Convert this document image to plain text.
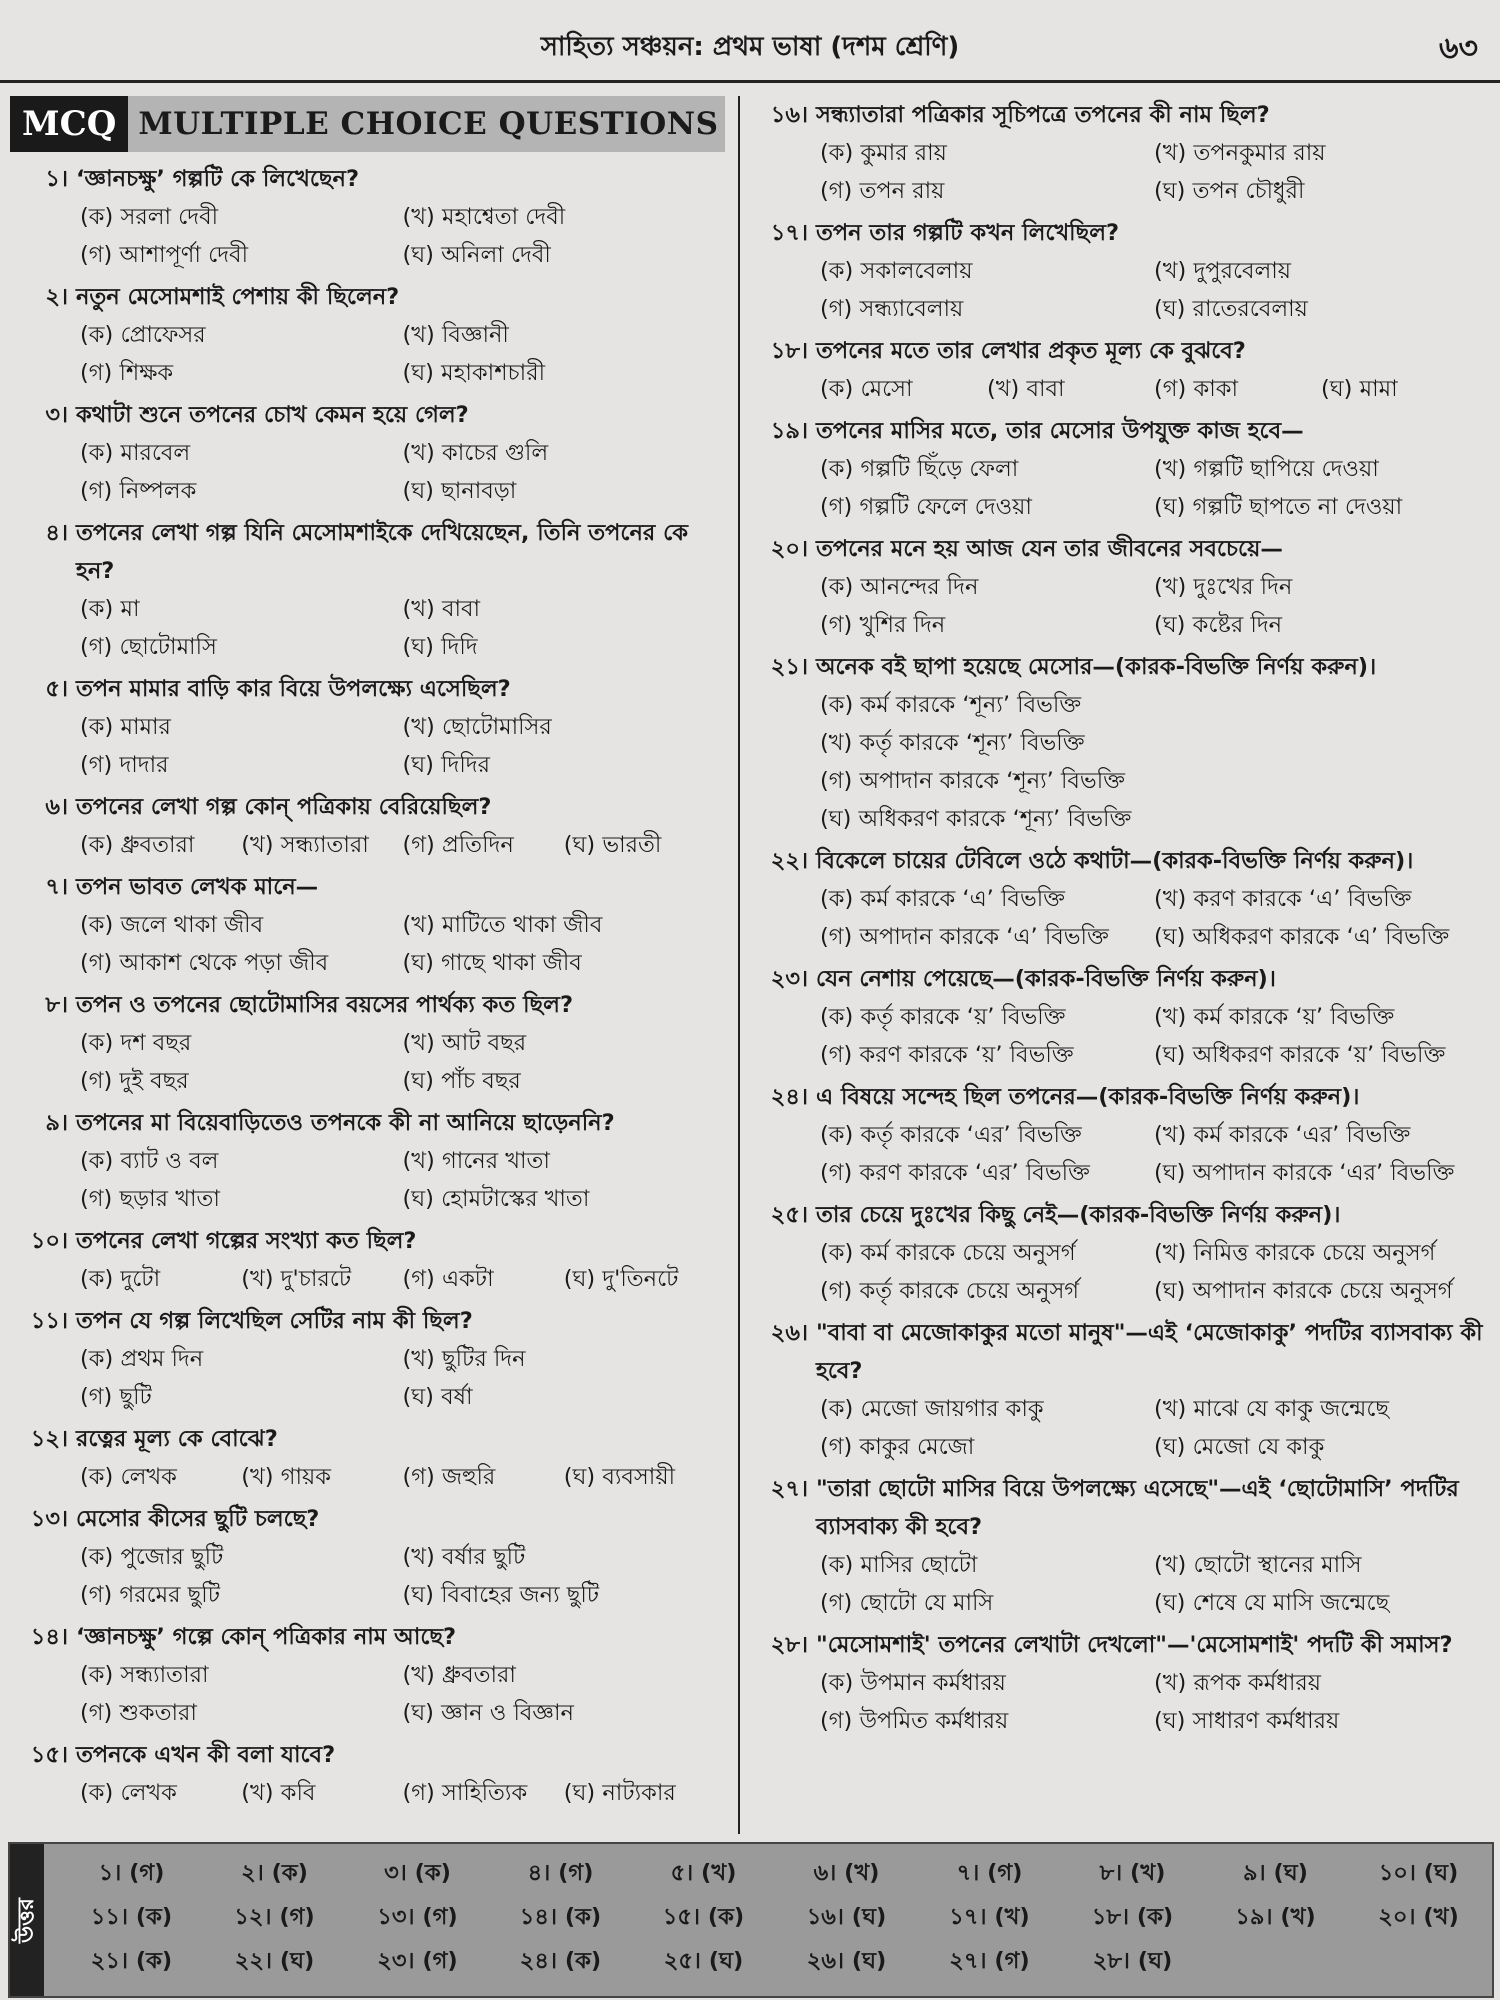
সাহিত্য সঞ্চয়ন: প্রথম ভাষা (দশম শ্রেণি)	৬৩
MCQ MULTIPLE CHOICE QUESTIONS
১। ‘জ্ঞানচক্ষু’ গল্পটি কে লিখেছেন?
(ক) সরলা দেবী	(খ) মহাশ্বেতা দেবী
(গ) আশাপূর্ণা দেবী	(ঘ) অনিলা দেবী
২। নতুন মেসোমশাই পেশায় কী ছিলেন?
(ক) প্রোফেসর	(খ) বিজ্ঞানী
(গ) শিক্ষক	(ঘ) মহাকাশচারী
৩। কথাটা শুনে তপনের চোখ কেমন হয়ে গেল?
(ক) মারবেল	(খ) কাচের গুলি
(গ) নিষ্পলক	(ঘ) ছানাবড়া
৪। তপনের লেখা গল্প যিনি মেসোমশাইকে দেখিয়েছেন, তিনি তপনের কে হন?
(ক) মা	(খ) বাবা
(গ) ছোটোমাসি	(ঘ) দিদি
৫। তপন মামার বাড়ি কার বিয়ে উপলক্ষ্যে এসেছিল?
(ক) মামার	(খ) ছোটোমাসির
(গ) দাদার	(ঘ) দিদির
৬। তপনের লেখা গল্প কোন্ পত্রিকায় বেরিয়েছিল?
(ক) ধ্রুবতারা	(খ) সন্ধ্যাতারা	(গ) প্রতিদিন	(ঘ) ভারতী
৭। তপন ভাবত লেখক মানে—
(ক) জলে থাকা জীব	(খ) মাটিতে থাকা জীব
(গ) আকাশ থেকে পড়া জীব	(ঘ) গাছে থাকা জীব
৮। তপন ও তপনের ছোটোমাসির বয়সের পার্থক্য কত ছিল?
(ক) দশ বছর	(খ) আট বছর
(গ) দুই বছর	(ঘ) পাঁচ বছর
৯। তপনের মা বিয়েবাড়িতেও তপনকে কী না আনিয়ে ছাড়েননি?
(ক) ব্যাট ও বল	(খ) গানের খাতা
(গ) ছড়ার খাতা	(ঘ) হোমটাস্কের খাতা
১০। তপনের লেখা গল্পের সংখ্যা কত ছিল?
(ক) দুটো	(খ) দু'চারটে	(গ) একটা	(ঘ) দু'তিনটে
১১। তপন যে গল্প লিখেছিল সেটির নাম কী ছিল?
(ক) প্রথম দিন	(খ) ছুটির দিন
(গ) ছুটি	(ঘ) বর্ষা
১২। রত্নের মূল্য কে বোঝে?
(ক) লেখক	(খ) গায়ক	(গ) জহুরি	(ঘ) ব্যবসায়ী
১৩। মেসোর কীসের ছুটি চলছে?
(ক) পুজোর ছুটি	(খ) বর্ষার ছুটি
(গ) গরমের ছুটি	(ঘ) বিবাহের জন্য ছুটি
১৪। ‘জ্ঞানচক্ষু’ গল্পে কোন্ পত্রিকার নাম আছে?
(ক) সন্ধ্যাতারা	(খ) ধ্রুবতারা
(গ) শুকতারা	(ঘ) জ্ঞান ও বিজ্ঞান
১৫। তপনকে এখন কী বলা যাবে?
(ক) লেখক	(খ) কবি	(গ) সাহিত্যিক	(ঘ) নাট্যকার
১৬। সন্ধ্যাতারা পত্রিকার সূচিপত্রে তপনের কী নাম ছিল?
(ক) কুমার রায়	(খ) তপনকুমার রায়
(গ) তপন রায়	(ঘ) তপন চৌধুরী
১৭। তপন তার গল্পটি কখন লিখেছিল?
(ক) সকালবেলায়	(খ) দুপুরবেলায়
(গ) সন্ধ্যাবেলায়	(ঘ) রাতেরবেলায়
১৮। তপনের মতে তার লেখার প্রকৃত মূল্য কে বুঝবে?
(ক) মেসো	(খ) বাবা	(গ) কাকা	(ঘ) মামা
১৯। তপনের মাসির মতে, তার মেসোর উপযুক্ত কাজ হবে—
(ক) গল্পটি ছিঁড়ে ফেলা	(খ) গল্পটি ছাপিয়ে দেওয়া
(গ) গল্পটি ফেলে দেওয়া	(ঘ) গল্পটি ছাপতে না দেওয়া
২০। তপনের মনে হয় আজ যেন তার জীবনের সবচেয়ে—
(ক) আনন্দের দিন	(খ) দুঃখের দিন
(গ) খুশির দিন	(ঘ) কষ্টের দিন
২১। অনেক বই ছাপা হয়েছে মেসোর—(কারক-বিভক্তি নির্ণয় করুন)।
(ক) কর্ম কারকে ‘শূন্য’ বিভক্তি
(খ) কর্তৃ কারকে ‘শূন্য’ বিভক্তি
(গ) অপাদান কারকে ‘শূন্য’ বিভক্তি
(ঘ) অধিকরণ কারকে ‘শূন্য’ বিভক্তি
২২। বিকেলে চায়ের টেবিলে ওঠে কথাটা—(কারক-বিভক্তি নির্ণয় করুন)।
(ক) কর্ম কারকে ‘এ’ বিভক্তি	(খ) করণ কারকে ‘এ’ বিভক্তি
(গ) অপাদান কারকে ‘এ’ বিভক্তি	(ঘ) অধিকরণ কারকে ‘এ’ বিভক্তি
২৩। যেন নেশায় পেয়েছে—(কারক-বিভক্তি নির্ণয় করুন)।
(ক) কর্তৃ কারকে ‘য়’ বিভক্তি	(খ) কর্ম কারকে ‘য়’ বিভক্তি
(গ) করণ কারকে ‘য়’ বিভক্তি	(ঘ) অধিকরণ কারকে ‘য়’ বিভক্তি
২৪। এ বিষয়ে সন্দেহ ছিল তপনের—(কারক-বিভক্তি নির্ণয় করুন)।
(ক) কর্তৃ কারকে ‘এর’ বিভক্তি	(খ) কর্ম কারকে ‘এর’ বিভক্তি
(গ) করণ কারকে ‘এর’ বিভক্তি	(ঘ) অপাদান কারকে ‘এর’ বিভক্তি
২৫। তার চেয়ে দুঃখের কিছু নেই—(কারক-বিভক্তি নির্ণয় করুন)।
(ক) কর্ম কারকে চেয়ে অনুসর্গ	(খ) নিমিত্ত কারকে চেয়ে অনুসর্গ
(গ) কর্তৃ কারকে চেয়ে অনুসর্গ	(ঘ) অপাদান কারকে চেয়ে অনুসর্গ
২৬। "বাবা বা মেজোকাকুর মতো মানুষ"—এই ‘মেজোকাকু’ পদটির ব্যাসবাক্য কী হবে?
(ক) মেজো জায়গার কাকু	(খ) মাঝে যে কাকু জন্মেছে
(গ) কাকুর মেজো	(ঘ) মেজো যে কাকু
২৭। "তারা ছোটো মাসির বিয়ে উপলক্ষ্যে এসেছে"—এই ‘ছোটোমাসি’ পদটির ব্যাসবাক্য কী হবে?
(ক) মাসির ছোটো	(খ) ছোটো স্থানের মাসি
(গ) ছোটো যে মাসি	(ঘ) শেষে যে মাসি জন্মেছে
২৮। "মেসোমশাই' তপনের লেখাটা দেখলো"—'মেসোমশাই' পদটি কী সমাস?
(ক) উপমান কর্মধারয়	(খ) রূপক কর্মধারয়
(গ) উপমিত কর্মধারয়	(ঘ) সাধারণ কর্মধারয়
উত্তর
১। (গ)	২। (ক)	৩। (ক)	৪। (গ)	৫। (খ)	৬। (খ)	৭। (গ)	৮। (খ)	৯। (ঘ)	১০। (ঘ)
১১। (ক)	১২। (গ)	১৩। (গ)	১৪। (ক)	১৫। (ক)	১৬। (ঘ)	১৭। (খ)	১৮। (ক)	১৯। (খ)	২০। (খ)
২১। (ক)	২২। (ঘ)	২৩। (গ)	২৪। (ক)	২৫। (ঘ)	২৬। (ঘ)	২৭। (গ)	২৮। (ঘ)
